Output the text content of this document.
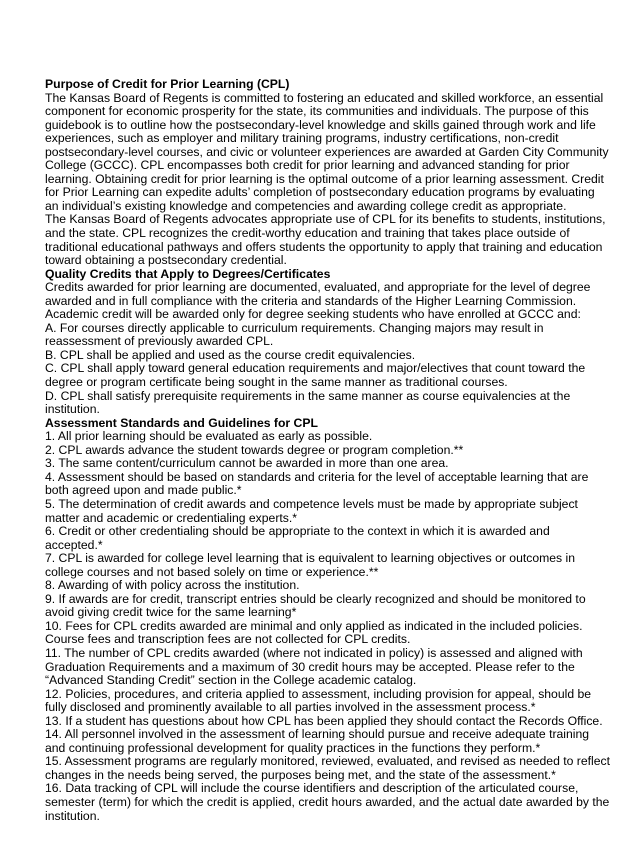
Purpose of Credit for Prior Learning (CPL)

The Kansas Board of Regents is committed to fostering an educated and skilled workforce, an essential component for economic prosperity for the state, its communities and individuals. The purpose of this guidebook is to outline how the postsecondary-level knowledge and skills gained through work and life experiences, such as employer and military training programs, industry certifications, non-credit postsecondary-level courses, and civic or volunteer experiences are awarded at Garden City Community College (GCCC). CPL encompasses both credit for prior learning and advanced standing for prior learning. Obtaining credit for prior learning is the optimal outcome of a prior learning assessment. Credit for Prior Learning can expedite adults’ completion of postsecondary education programs by evaluating an individual’s existing knowledge and competencies and awarding college credit as appropriate.

The Kansas Board of Regents advocates appropriate use of CPL for its benefits to students, institutions, and the state. CPL recognizes the credit-worthy education and training that takes place outside of traditional educational pathways and offers students the opportunity to apply that training and education toward obtaining a postsecondary credential.

Quality Credits that Apply to Degrees/Certificates

Credits awarded for prior learning are documented, evaluated, and appropriate for the level of degree awarded and in full compliance with the criteria and standards of the Higher Learning Commission. Academic credit will be awarded only for degree seeking students who have enrolled at GCCC and:

A. For courses directly applicable to curriculum requirements. Changing majors may result in reassessment of previously awarded CPL.

B. CPL shall be applied and used as the course credit equivalencies.

C. CPL shall apply toward general education requirements and major/electives that count toward the degree or program certificate being sought in the same manner as traditional courses.

D. CPL shall satisfy prerequisite requirements in the same manner as course equivalencies at the institution.

Assessment Standards and Guidelines for CPL

1. All prior learning should be evaluated as early as possible.

2. CPL awards advance the student towards degree or program completion.**

3. The same content/curriculum cannot be awarded in more than one area.

4. Assessment should be based on standards and criteria for the level of acceptable learning that are both agreed upon and made public.*

5. The determination of credit awards and competence levels must be made by appropriate subject matter and academic or credentialing experts.*

6. Credit or other credentialing should be appropriate to the context in which it is awarded and accepted.*

7. CPL is awarded for college level learning that is equivalent to learning objectives or outcomes in college courses and not based solely on time or experience.**

8. Awarding of with policy across the institution.

9. If awards are for credit, transcript entries should be clearly recognized and should be monitored to avoid giving credit twice for the same learning*

10. Fees for CPL credits awarded are minimal and only applied as indicated in the included policies. Course fees and transcription fees are not collected for CPL credits.

11. The number of CPL credits awarded (where not indicated in policy) is assessed and aligned with Graduation Requirements and a maximum of 30 credit hours may be accepted. Please refer to the “Advanced Standing Credit” section in the College academic catalog.

12. Policies, procedures, and criteria applied to assessment, including provision for appeal, should be fully disclosed and prominently available to all parties involved in the assessment process.*

13. If a student has questions about how CPL has been applied they should contact the Records Office.

14. All personnel involved in the assessment of learning should pursue and receive adequate training and continuing professional development for quality practices in the functions they perform.*

15. Assessment programs are regularly monitored, reviewed, evaluated, and revised as needed to reflect changes in the needs being served, the purposes being met, and the state of the assessment.*

16. Data tracking of CPL will include the course identifiers and description of the articulated course, semester (term) for which the credit is applied, credit hours awarded, and the actual date awarded by the institution.
